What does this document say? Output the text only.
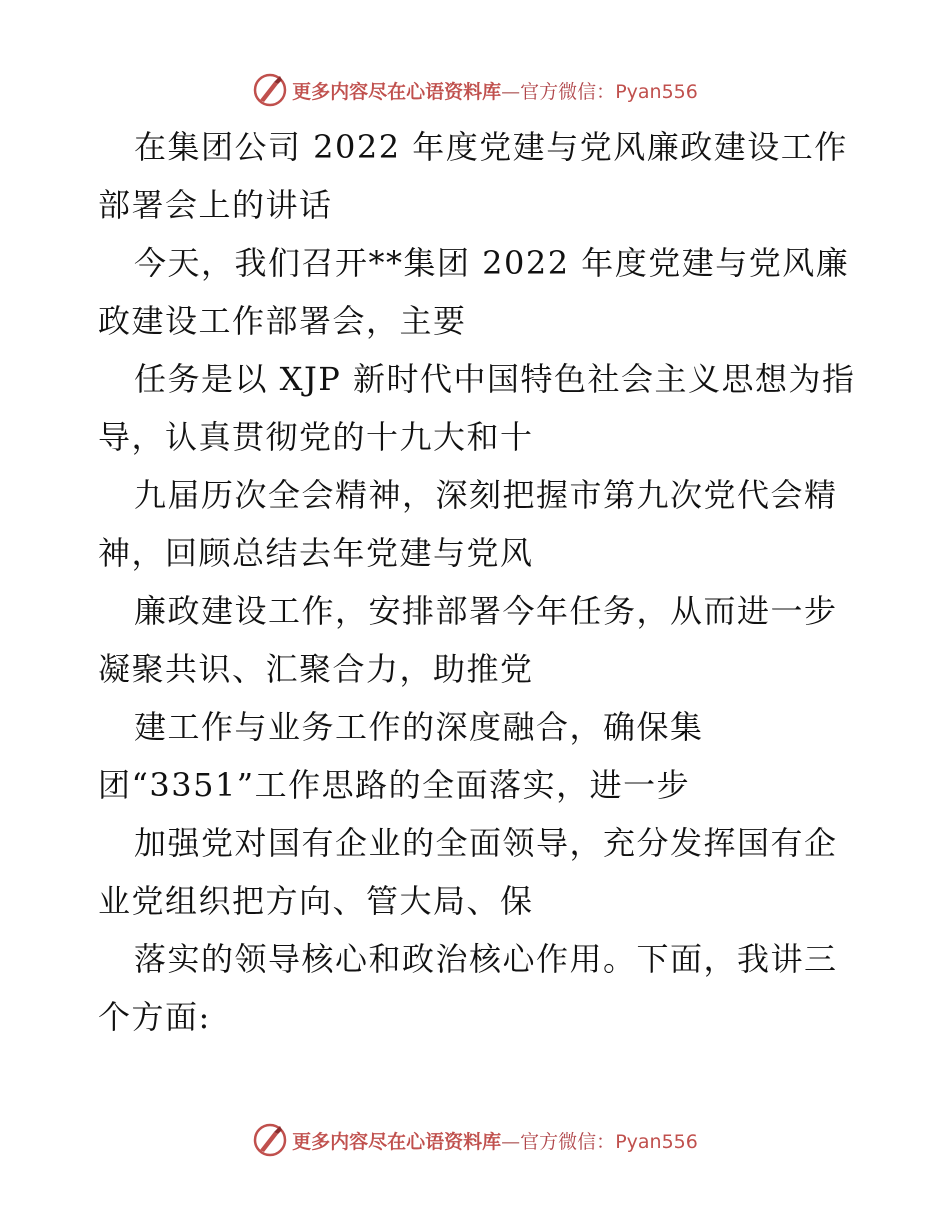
更多内容尽在心语资料库—官方微信：Pyan556

在集团公司 2022 年度党建与党风廉政建设工作部署会上的讲话

今天，我们召开**集团 2022 年度党建与党风廉政建设工作部署会，主要

任务是以 XJP 新时代中国特色社会主义思想为指导，认真贯彻党的十九大和十

九届历次全会精神，深刻把握市第九次党代会精神，回顾总结去年党建与党风

廉政建设工作，安排部署今年任务，从而进一步凝聚共识、汇聚合力，助推党

建工作与业务工作的深度融合，确保集

团“3351”工作思路的全面落实，进一步

加强党对国有企业的全面领导，充分发挥国有企业党组织把方向、管大局、保

落实的领导核心和政治核心作用。下面，我讲三个方面:

更多内容尽在心语资料库—官方微信：Pyan556
